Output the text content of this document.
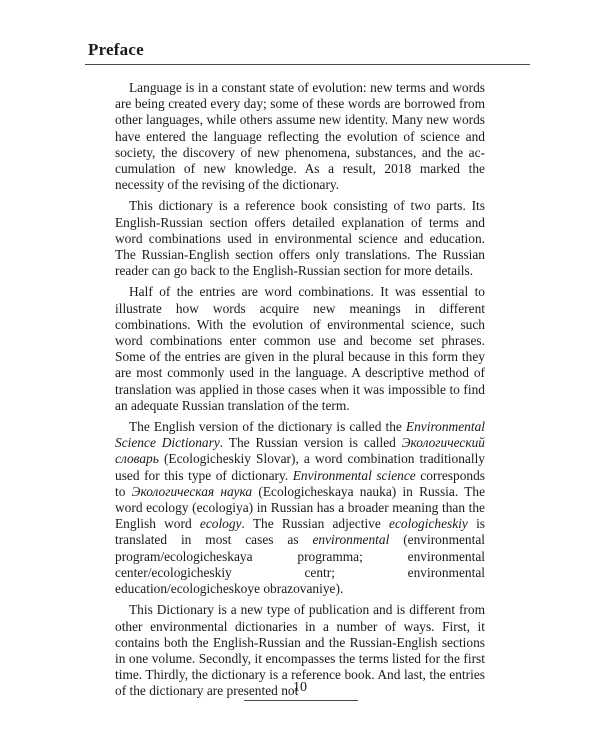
Preface

Language is in a constant state of evolution: new terms and words are being created every day; some of these words are borrowed from other languages, while others assume new identity. Many new words have entered the language reflecting the evolution of science and society, the discovery of new phenomena, substances, and the ac-cumulation of new knowledge. As a result, 2018 marked the necessity of the revising of the dictionary.

This dictionary is a reference book consisting of two parts. Its English-Russian section offers detailed explanation of terms and word combinations used in environmental science and education. The Russian-English section offers only translations. The Russian reader can go back to the English-Russian section for more details.

Half of the entries are word combinations. It was essential to illustrate how words acquire new meanings in different combinations. With the evolution of environmental science, such word combinations enter common use and become set phrases. Some of the entries are given in the plural because in this form they are most commonly used in the language. A descriptive method of translation was applied in those cases when it was impossible to find an adequate Russian translation of the term.

The English version of the dictionary is called the Environmental Science Dictionary. The Russian version is called Экологический словарь (Ecologicheskiy Slovar), a word combination traditionally used for this type of dictionary. Environmental science corresponds to Экологическая наука (Ecologicheskaya nauka) in Russia. The word ecology (ecologiya) in Russian has a broader meaning than the English word ecology. The Russian adjective ecologicheskiy is translated in most cases as environmental (environmental program/ecologicheskaya programma; environmental center/ecologicheskiy centr; environmental education/ecologicheskoye obrazovaniye).

This Dictionary is a new type of publication and is different from other environmental dictionaries in a number of ways. First, it contains both the English-Russian and the Russian-English sections in one volume. Secondly, it encompasses the terms listed for the first time. Thirdly, the dictionary is a reference book. And last, the entries of the dictionary are presented not

10
